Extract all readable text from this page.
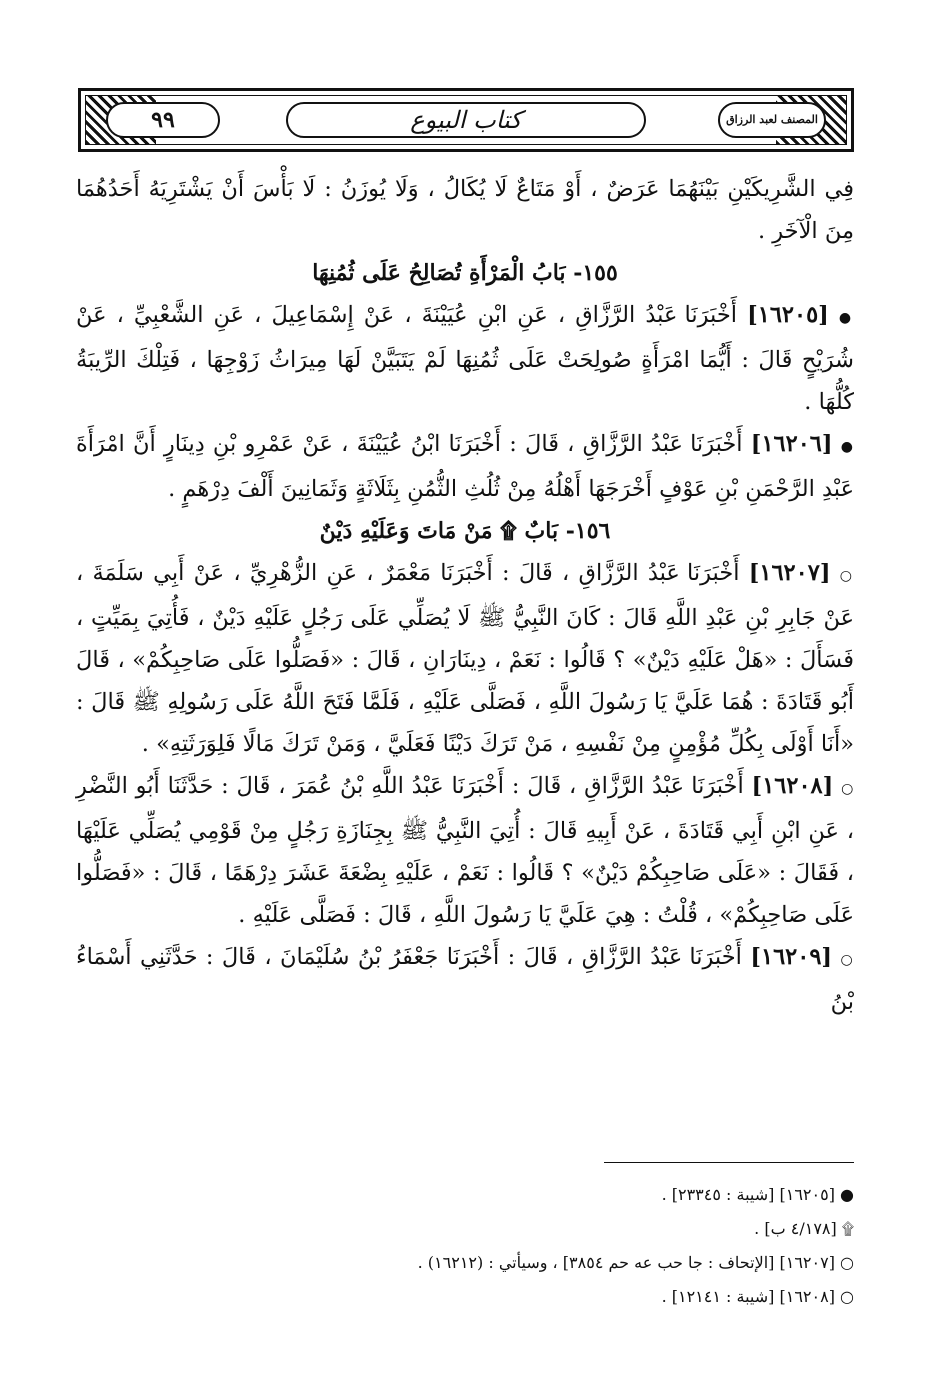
٩٩	كتاب البيوع	المصنف لعبد الرزاق

فِي الشَّرِيكَيْنِ بَيْنَهُمَا عَرَضٌ ، أَوْ مَتَاعٌ لَا يُكَالُ ، وَلَا يُوزَنُ : لَا بَأْسَ أَنْ يَشْتَرِيَهُ أَحَدُهُمَا مِنَ الْآخَرِ .

١٥٥- بَابُ الْمَرْأَةِ تُصَالِحُ عَلَى ثُمُنِهَا

● [١٦٢٠٥] أَخْبَرَنَا عَبْدُ الرَّزَّاقِ ، عَنِ ابْنِ عُيَيْنَةَ ، عَنْ إِسْمَاعِيلَ ، عَنِ الشَّعْبِيِّ ، عَنْ شُرَيْحٍ قَالَ : أَيُّمَا امْرَأَةٍ صُولِحَتْ عَلَى ثُمُنِهَا لَمْ يَتَبَيَّنْ لَهَا مِيرَاثُ زَوْجِهَا ، فَتِلْكَ الرِّيبَةُ كُلُّهَا .

● [١٦٢٠٦] أَخْبَرَنَا عَبْدُ الرَّزَّاقِ ، قَالَ : أَخْبَرَنَا ابْنُ عُيَيْنَةَ ، عَنْ عَمْرِو بْنِ دِينَارٍ أَنَّ امْرَأَةَ عَبْدِ الرَّحْمَنِ بْنِ عَوْفٍ أَخْرَجَهَا أَهْلُهُ مِنْ ثُلُثِ الثُّمُنِ بِثَلَاثَةٍ وَثَمَانِينَ أَلْفَ دِرْهَمٍ .

١٥٦- بَابٌ ۩ مَنْ مَاتَ وَعَلَيْهِ دَيْنٌ

○ [١٦٢٠٧] أَخْبَرَنَا عَبْدُ الرَّزَّاقِ ، قَالَ : أَخْبَرَنَا مَعْمَرٌ ، عَنِ الزُّهْرِيِّ ، عَنْ أَبِي سَلَمَةَ ، عَنْ جَابِرِ بْنِ عَبْدِ اللَّهِ قَالَ : كَانَ النَّبِيُّ ﷺ لَا يُصَلِّي عَلَى رَجُلٍ عَلَيْهِ دَيْنٌ ، فَأُتِيَ بِمَيِّتٍ ، فَسَأَلَ : «هَلْ عَلَيْهِ دَيْنٌ» ؟ قَالُوا : نَعَمْ ، دِينَارَانِ ، قَالَ : «فَصَلُّوا عَلَى صَاحِبِكُمْ» ، قَالَ أَبُو قَتَادَةَ : هُمَا عَلَيَّ يَا رَسُولَ اللَّهِ ، فَصَلَّى عَلَيْهِ ، فَلَمَّا فَتَحَ اللَّهُ عَلَى رَسُولِهِ ﷺ قَالَ : «أَنَا أَوْلَى بِكُلِّ مُؤْمِنٍ مِنْ نَفْسِهِ ، مَنْ تَرَكَ دَيْنًا فَعَلَيَّ ، وَمَنْ تَرَكَ مَالًا فَلِوَرَثَتِهِ» .

○ [١٦٢٠٨] أَخْبَرَنَا عَبْدُ الرَّزَّاقِ ، قَالَ : أَخْبَرَنَا عَبْدُ اللَّهِ بْنُ عُمَرَ ، قَالَ : حَدَّثَنَا أَبُو النَّضْرِ ، عَنِ ابْنِ أَبِي قَتَادَةَ ، عَنْ أَبِيهِ قَالَ : أُتِيَ النَّبِيُّ ﷺ بِجِنَازَةِ رَجُلٍ مِنْ قَوْمِي يُصَلِّي عَلَيْهَا ، فَقَالَ : «عَلَى صَاحِبِكُمْ دَيْنٌ» ؟ قَالُوا : نَعَمْ ، عَلَيْهِ بِضْعَةَ عَشَرَ دِرْهَمًا ، قَالَ : «فَصَلُّوا عَلَى صَاحِبِكُمْ» ، قُلْتُ : هِيَ عَلَيَّ يَا رَسُولَ اللَّهِ ، قَالَ : فَصَلَّى عَلَيْهِ .

○ [١٦٢٠٩] أَخْبَرَنَا عَبْدُ الرَّزَّاقِ ، قَالَ : أَخْبَرَنَا جَعْفَرُ بْنُ سُلَيْمَانَ ، قَالَ : حَدَّثَنِي أَسْمَاءُ بْنُ

● [١٦٢٠٥] [شيبة : ٢٣٣٤٥] .

۩ [٤/١٧٨ ب] .

○ [١٦٢٠٧] [الإتحاف : جا حب عه حم ٣٨٥٤] ، وسيأتي : (١٦٢١٢) .

○ [١٦٢٠٨] [شيبة : ١٢١٤١] .
